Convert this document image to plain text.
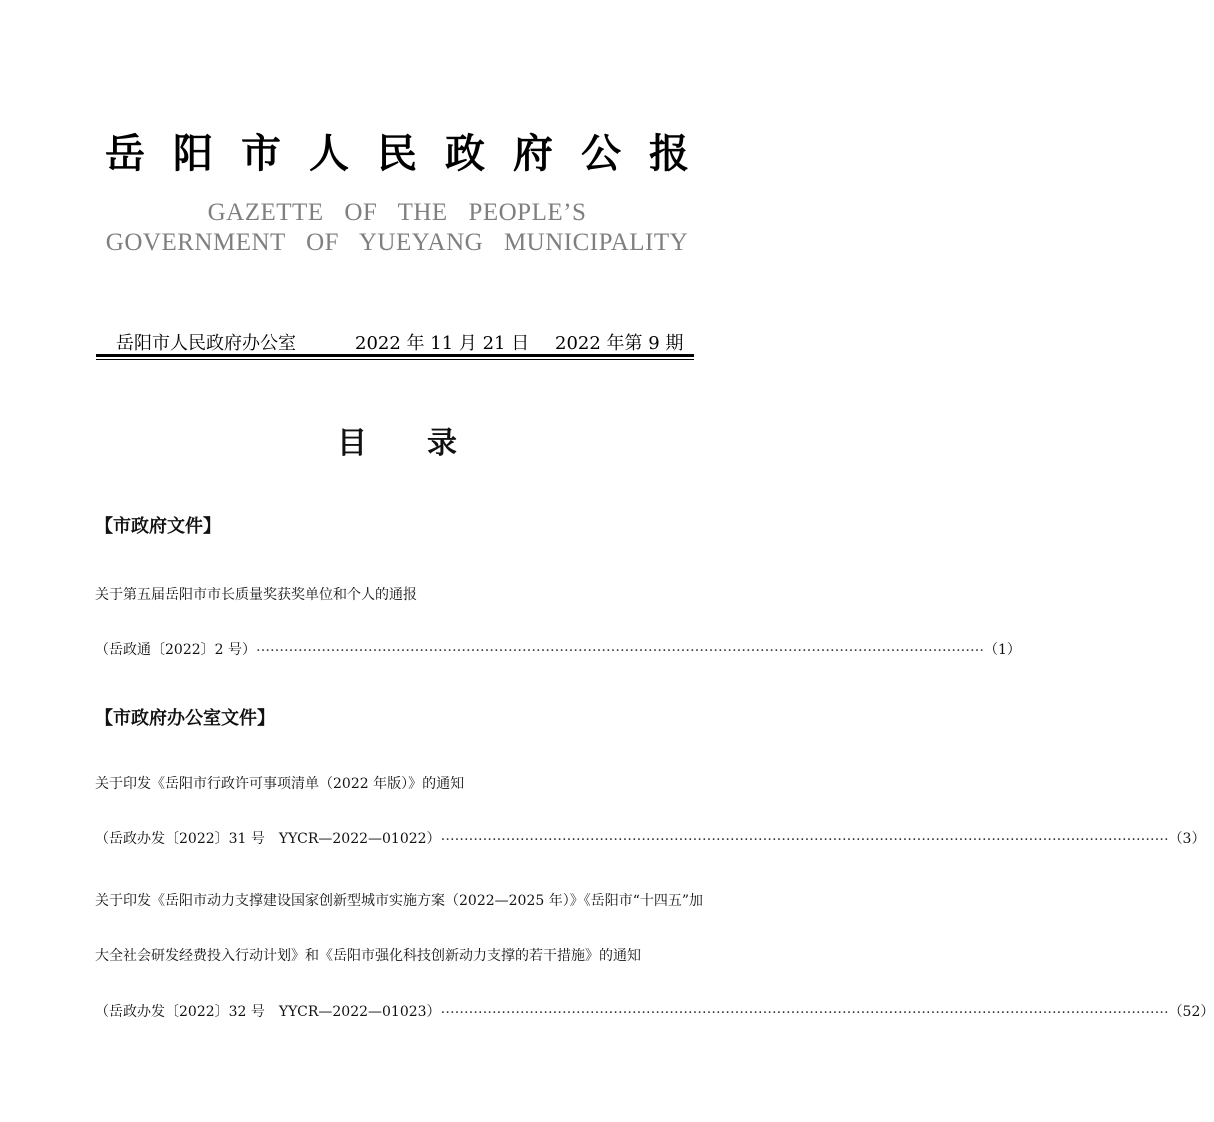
岳阳市人民政府公报
GAZETTE OF THE PEOPLE’S
GOVERNMENT OF YUEYANG MUNICIPALITY
岳阳市人民政府办公室	2022 年 11 月 21 日 2022 年第 9 期
目录
【市政府文件】
关于第五届岳阳市市长质量奖获奖单位和个人的通报
（岳政通〔2022〕2 号） ………………………………………………………………………………………………………………………………………… （1）
【市政府办公室文件】
关于印发《岳阳市行政许可事项清单（2022 年版）》的通知
（岳政办发〔2022〕31 号　YYCR—2022—01022） ………………………………………………………………………………………………………………………………………… （3）
关于印发《岳阳市动力支撑建设国家创新型城市实施方案（2022—2025 年）》《岳阳市“十四五”加
大全社会研发经费投入行动计划》和《岳阳市强化科技创新动力支撑的若干措施》的通知
（岳政办发〔2022〕32 号　YYCR—2022—01023） ………………………………………………………………………………………………………………………………………… （52）
